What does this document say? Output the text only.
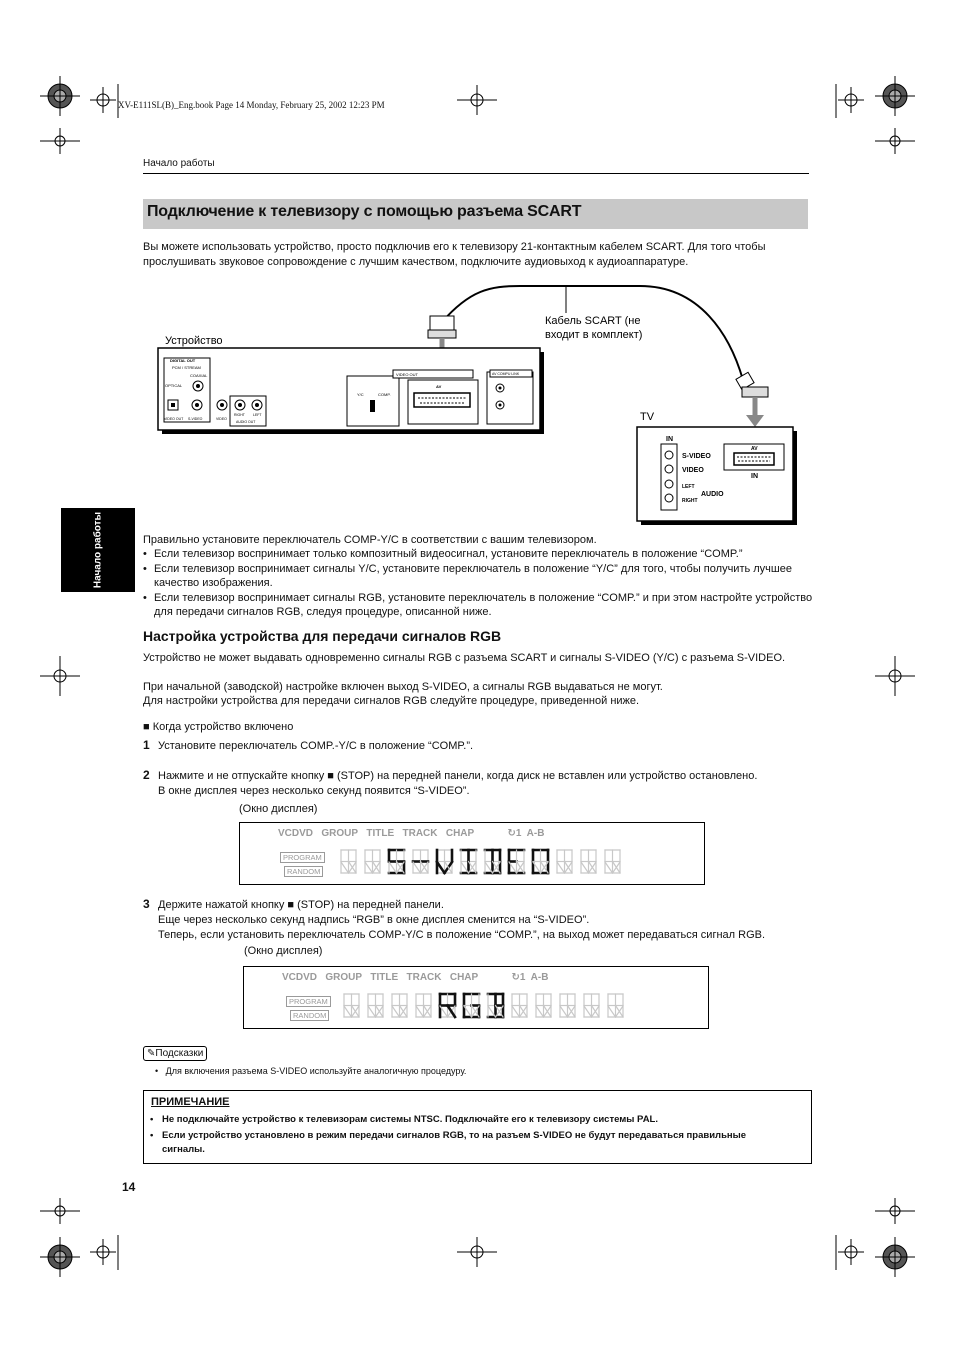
XV-E111SL(B)_Eng.book Page 14 Monday, February 25, 2002 12:23 PM
Начало работы
Подключение к телевизору с помощью разъема SCART
Вы можете использовать устройство, просто подключив его к телевизору 21-контактным кабелем SCART. Для того чтобы прослушивать звуковое сопровождение с лучшим качеством, подключите аудиовыход к аудиоаппаратуре.
Устройство
DIGITAL OUT
PCM / STREAM
COAXIAL
OPTICAL
VIDEO OUT S-VIDEO	VIDEO
RIGHT LEFT
AUDIO OUT
Y/C	COMP.
VIDEO OUT
AV
AV COMPU LINK
Кабель SCART (не
входит в комплект)
TV
IN
S-VIDEO
VIDEO
LEFT
RIGHT
AUDIO
AV
IN
Начало работы	Правильно установите переключатель COMP-Y/C в соответствии с вашим телевизором.
• Если телевизор воспринимает только композитный видеосигнал, установите переключатель в положение “COMP.”
• Если телевизор воспринимает сигналы Y/C, установите переключатель в положение “Y/C” для того, чтобы получить лучшее качество изображения.
• Если телевизор воспринимает сигналы RGB, установите переключатель в положение “COMP.” и при этом настройте устройство для передачи сигналов RGB, следуя процедуре, описанной ниже.
Настройка устройства для передачи сигналов RGB
Устройство не может выдавать одновременно сигналы RGB с разъема SCART и сигналы S-VIDEO (Y/C) с разъема S-VIDEO.
При начальной (заводской) настройке включен выход S-VIDEO, а сигналы RGB выдаваться не могут.
Для настройки устройства для передачи сигналов RGB следуйте процедуре, приведенной ниже.
■ Когда устройство включено
1 Установите переключатель COMP.-Y/C в положение “COMP.”.
2 Нажмите и не отпускайте кнопку ■ (STOP) на передней панели, когда диск не вставлен или устройство остановлено.
В окне дисплея через несколько секунд появится “S-VIDEO”.
(Окно дисплея)
VCDVD GROUP TITLE TRACK CHAP	↻1 A-B
PROGRAM
RANDOM
3 Держите нажатой кнопку ■ (STOP) на передней панели.
Еще через несколько секунд надпись “RGB” в окне дисплея сменится на “S-VIDEO”.
Теперь, если установить переключатель COMP-Y/C в положение “COMP.”, на выход может передаваться сигнал RGB.
(Окно дисплея)
VCDVD GROUP TITLE TRACK CHAP	↻1 A-B
PROGRAM
RANDOM
✎Подсказки
•   Для включения разъема S-VIDEO используйте аналогичную процедуру.
ПРИМЕЧАНИЕ
• Не подключайте устройство к телевизорам системы NTSC. Подключайте его к телевизору системы PAL.
• Если устройство установлено в режим передачи сигналов RGB, то на разъем S-VIDEO не будут передаваться правильные сигналы.
14
